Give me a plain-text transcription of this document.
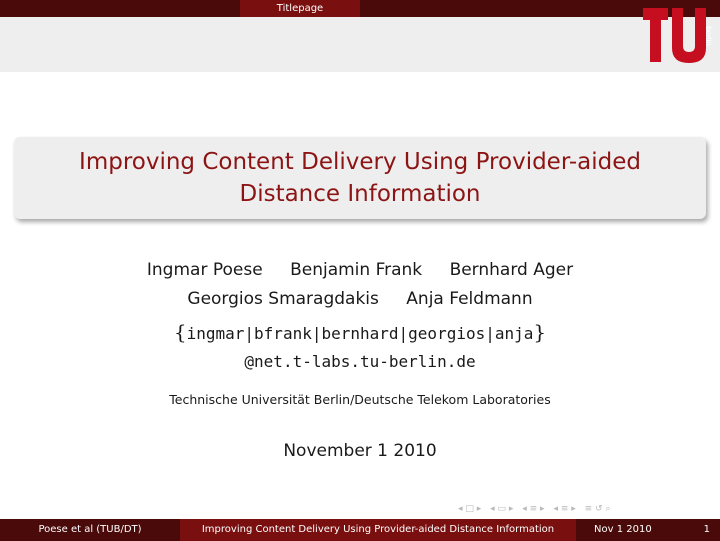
Titlepage
berlin
Improving Content Delivery Using Provider-aided
Distance Information
Ingmar Poese Benjamin Frank Bernhard Ager
Georgios Smaragdakis Anja Feldmann
{ingmar|bfrank|bernhard|georgios|anja}
@net.t-labs.tu-berlin.de
Technische Universität Berlin/Deutsche Telekom Laboratories
November 1 2010
◂ □ ▸ ◂ ▭ ▸ ◂ ≡ ▸ ◂ ≡ ▸ ≡ ↺ ⌕
Poese et al (TUB/DT)	Improving Content Delivery Using Provider-aided Distance Information	Nov 1 2010	1
